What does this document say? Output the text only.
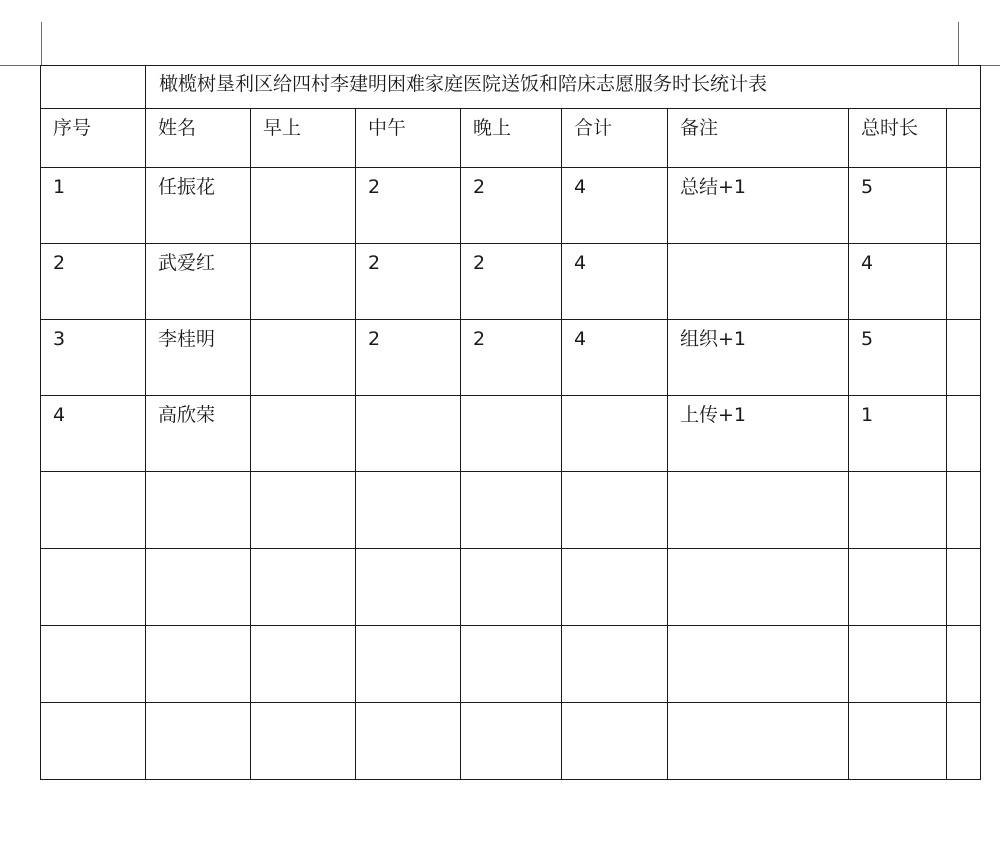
	橄榄树垦利区给四村李建明困难家庭医院送饭和陪床志愿服务时长统计表							

序号	姓名	早上	中午	晚上	合计	备注	总时长	

1	任振花		2	2	4	总结+1	5	

2	武爱红		2	2	4		4	

3	李桂明		2	2	4	组织+1	5	

4	高欣荣					上传+1	1	
